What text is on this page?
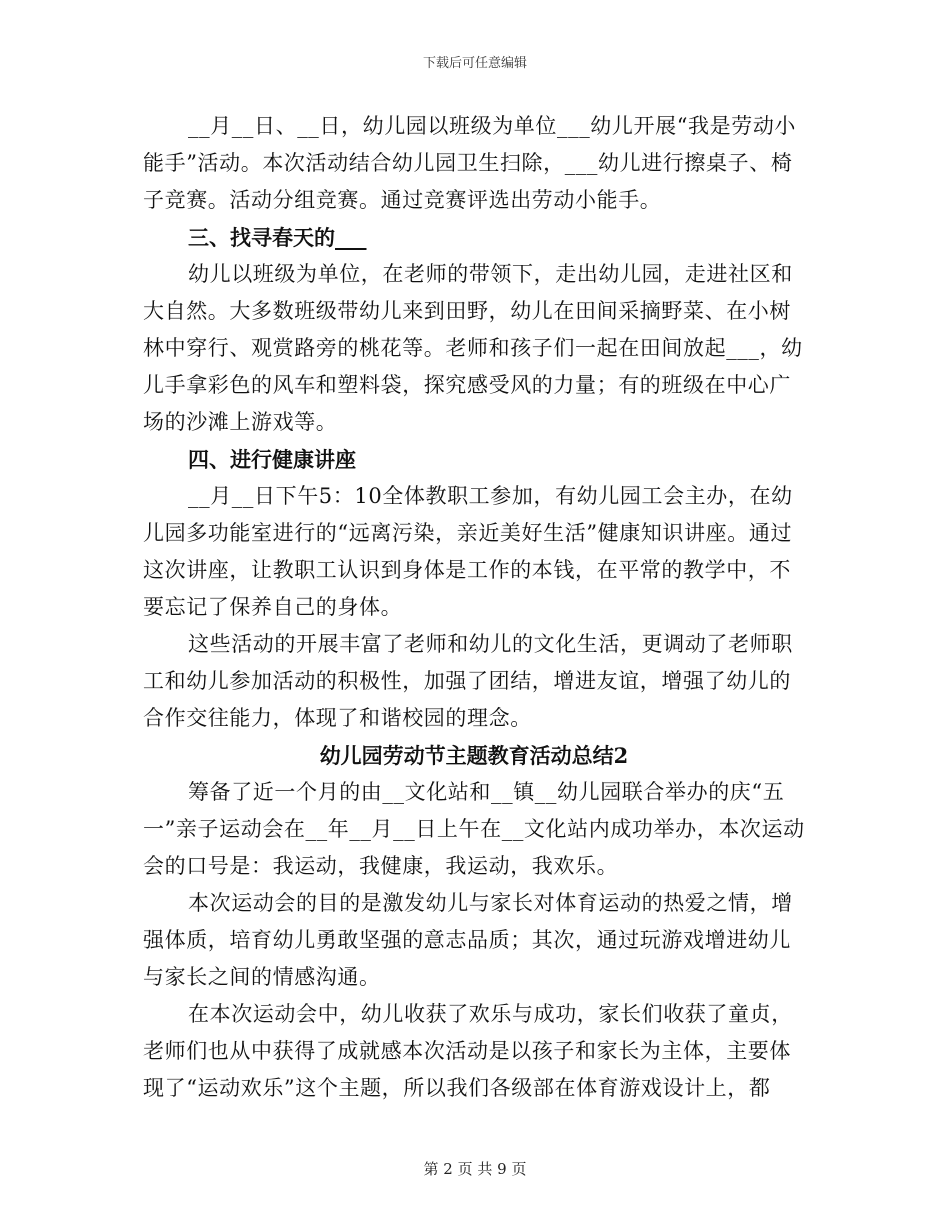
下载后可任意编辑

__月__日、__日，幼儿园以班级为单位___幼儿开展“我是劳动小能手”活动。本次活动结合幼儿园卫生扫除，___幼儿进行擦桌子、椅子竞赛。活动分组竞赛。通过竞赛评选出劳动小能手。

三、找寻春天的___

幼儿以班级为单位，在老师的带领下，走出幼儿园，走进社区和大自然。大多数班级带幼儿来到田野，幼儿在田间采摘野菜、在小树林中穿行、观赏路旁的桃花等。老师和孩子们一起在田间放起___，幼儿手拿彩色的风车和塑料袋，探究感受风的力量；有的班级在中心广场的沙滩上游戏等。

四、进行健康讲座

__月__日下午5：10全体教职工参加，有幼儿园工会主办，在幼儿园多功能室进行的“远离污染，亲近美好生活”健康知识讲座。通过这次讲座，让教职工认识到身体是工作的本钱，在平常的教学中，不要忘记了保养自己的身体。

这些活动的开展丰富了老师和幼儿的文化生活，更调动了老师职工和幼儿参加活动的积极性，加强了团结，增进友谊，增强了幼儿的合作交往能力，体现了和谐校园的理念。

幼儿园劳动节主题教育活动总结2

筹备了近一个月的由__文化站和__镇__幼儿园联合举办的庆“五一”亲子运动会在__年__月__日上午在__文化站内成功举办，本次运动会的口号是：我运动，我健康，我运动，我欢乐。

本次运动会的目的是激发幼儿与家长对体育运动的热爱之情，增强体质，培育幼儿勇敢坚强的意志品质；其次，通过玩游戏增进幼儿与家长之间的情感沟通。

在本次运动会中，幼儿收获了欢乐与成功，家长们收获了童贞，老师们也从中获得了成就感本次活动是以孩子和家长为主体，主要体现了“运动欢乐”这个主题，所以我们各级部在体育游戏设计上，都

第 2 页 共 9 页
